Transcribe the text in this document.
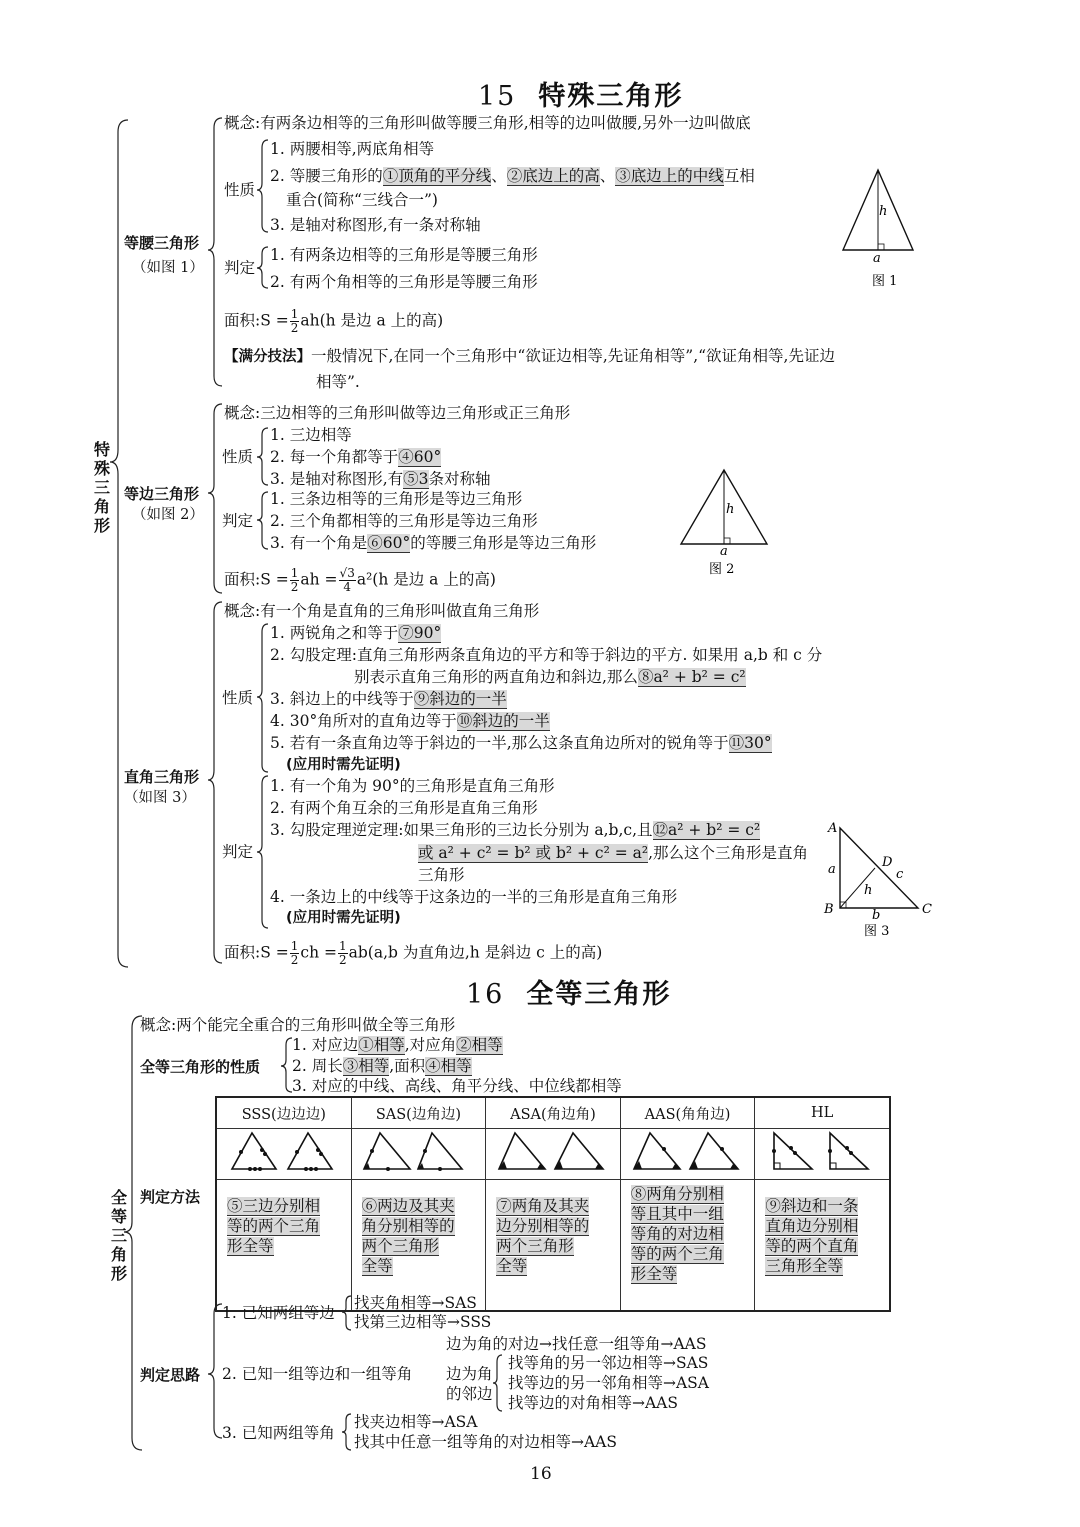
15 特殊三角形
特殊三角形
等腰三角形
（如图 1）
概念:有两条边相等的三角形叫做等腰三角形,相等的边叫做腰,另外一边叫做底
性质
1. 两腰相等,两底角相等
2. 等腰三角形的①顶角的平分线、②底边上的高、③底边上的中线互相
重合(简称“三线合一”)
3. 是轴对称图形,有一条对称轴
判定
1. 有两条边相等的三角形是等腰三角形
2. 有两个角相等的三角形是等腰三角形
面积:S = $\frac{1}{2} ah(h$ 是边 a 上的高)
【满分技法】一般情况下,在同一个三角形中“欲证边相等,先证角相等”,“欲证角相等,先证边
相等”.
h
a
图 1
等边三角形
（如图 2）
概念:三边相等的三角形叫做等边三角形或正三角形
性质
1. 三边相等
2. 每一个角都等于④60°
3. 是轴对称图形,有⑤3条对称轴
判定
1. 三条边相等的三角形是等边三角形
2. 三个角都相等的三角形是等边三角形
3. 有一个角是⑥60°的等腰三角形是等边三角形
面积:S = $\frac{1}{2}$ ah = $\frac{√3}{4} a^2(h$ 是边 a 上的高)
h
a
图 2
直角三角形
（如图 3）
概念:有一个角是直角的三角形叫做直角三角形
性质
1. 两锐角之和等于⑦90°
2. 勾股定理:直角三角形两条直角边的平方和等于斜边的平方. 如果用 a,b 和 c 分
别表示直角三角形的两直角边和斜边,那么⑧a² + b² = c²
3. 斜边上的中线等于⑨斜边的一半
4. 30°角所对的直角边等于⑩斜边的一半
5. 若有一条直角边等于斜边的一半,那么这条直角边所对的锐角等于⑪30°
(应用时需先证明)
判定
1. 有一个角为 90°的三角形是直角三角形
2. 有两个角互余的三角形是直角三角形
3. 勾股定理逆定理:如果三角形的三边长分别为 a,b,c,且⑫a² + b² = c²
或 a² + c² = b² 或 b² + c² = a²,那么这个三角形是直角
三角形
4. 一条边上的中线等于这条边的一半的三角形是直角三角形
(应用时需先证明)
面积:S = $\frac{1}{2}$ ch = $\frac{1}{2} ab(a,b$ 为直角边,h 是斜边 c 上的高)
A
B	C
D
a
b
c
h
图 3
16 全等三角形
全等三角形
概念:两个能完全重合的三角形叫做全等三角形
全等三角形的性质
1. 对应边①相等,对应角②相等
2. 周长③相等,面积④相等
3. 对应的中线、高线、角平分线、中位线都相等
判定方法
SSS(边边边)	SAS(边角边)	ASA(角边角)	AAS(角角边)	HL

⑤三边分别相
等的两个三角
形全等	⑥两边及其夹
角分别相等的
两个三角形
全等	⑦两角及其夹
边分别相等的
两个三角形
全等	⑧两角分别相
等且其中一组
等角的对边相
等的两个三角
形全等	⑨斜边和一条
直角边分别相
等的两个直角
三角形全等
判定思路
1. 已知两组等边
找夹角相等→SAS
找第三边相等→SSS
2. 已知一组等边和一组等角
边为角的对边→找任意一组等角→AAS
边为角
的邻边
找等角的另一邻边相等→SAS
找等边的另一邻角相等→ASA
找等边的对角相等→AAS
3. 已知两组等角
找夹边相等→ASA
找其中任意一组等角的对边相等→AAS
16
